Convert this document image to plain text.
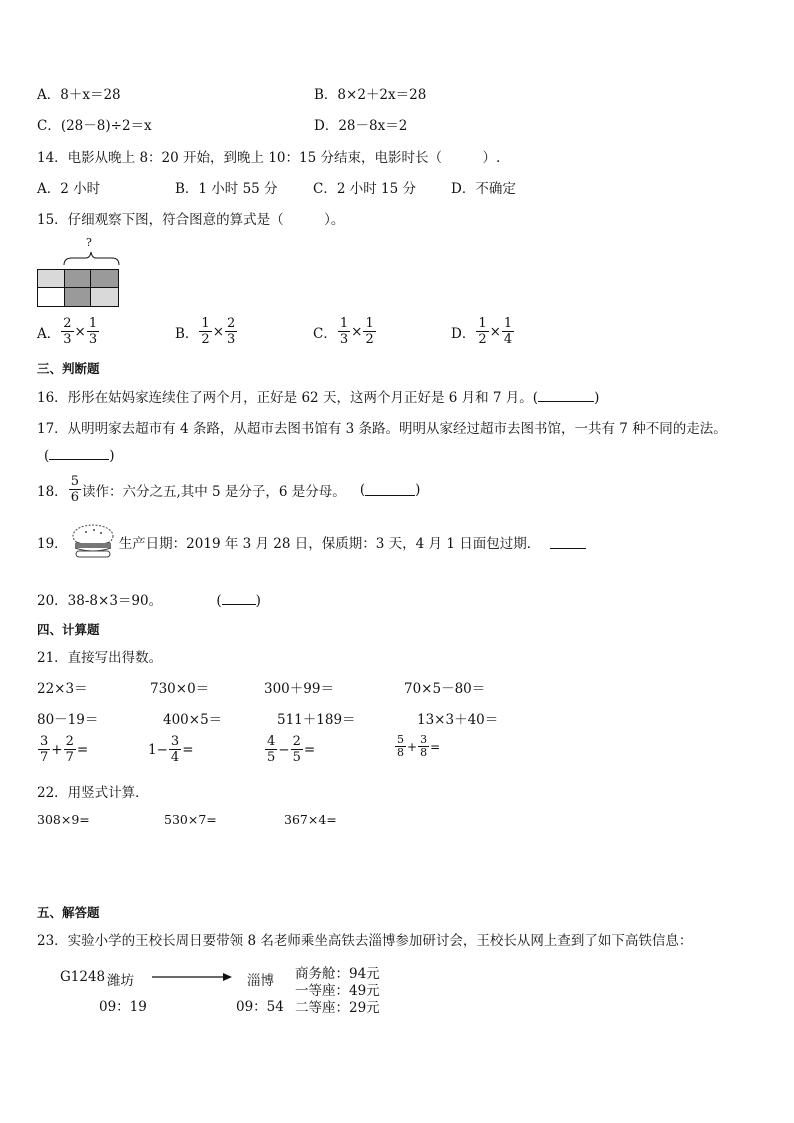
A．8＋x＝28	B．8×2＋2x＝28
C．(28－8)÷2＝x	D．28－8x＝2
14．电影从晚上 8：20 开始，到晚上 10：15 分结束，电影时长（　　　）.
A．2 小时	B．1 小时 55 分	C．2 小时 15 分	D．不确定
15．仔细观察下图，符合图意的算式是（　　　）。
?
A． $\frac{2}{3} \times \frac{1}{3}$	B． $\frac{1}{2} \times \frac{2}{3}$	C． $\frac{1}{3} \times \frac{1}{2}$	D． $\frac{1}{2} \times \frac{1}{4}$
三、判断题
16．彤彤在姑妈家连续住了两个月，正好是 62 天，这两个月正好是 6 月和 7 月。(	)
17．从明明家去超市有 4 条路，从超市去图书馆有 3 条路。明明从家经过超市去图书馆，一共有 7 种不同的走法。
(	)
18． $\frac{5}{6}$ 读作：六分之五,其中 5 是分子，6 是分母。 (	)
19．	生产日期：2019 年 3 月 28 日，保质期：3 天，4 月 1 日面包过期．
20．38-8×3＝90。	(	)
四、计算题
21．直接写出得数。
22×3＝	730×0＝	300＋99＝	70×5－80＝
80－19＝	400×5＝	511＋189＝	13×3＋40＝
$\frac{3}{7} + \frac{2}{7}$ =	$1- \frac{3}{4}$ =	$\frac{4}{5} - \frac{2}{5}$ =	$\frac{5}{8} + \frac{3}{8}$ =
22．用竖式计算．
308×9=	530×7=	367×4=
五、解答题
23．实验小学的王校长周日要带领 8 名老师乘坐高铁去淄博参加研讨会，王校长从网上查到了如下高铁信息：
G1248 潍坊	淄博
09：19	09：54
商务舱：94元
一等座：49元
二等座：29元
